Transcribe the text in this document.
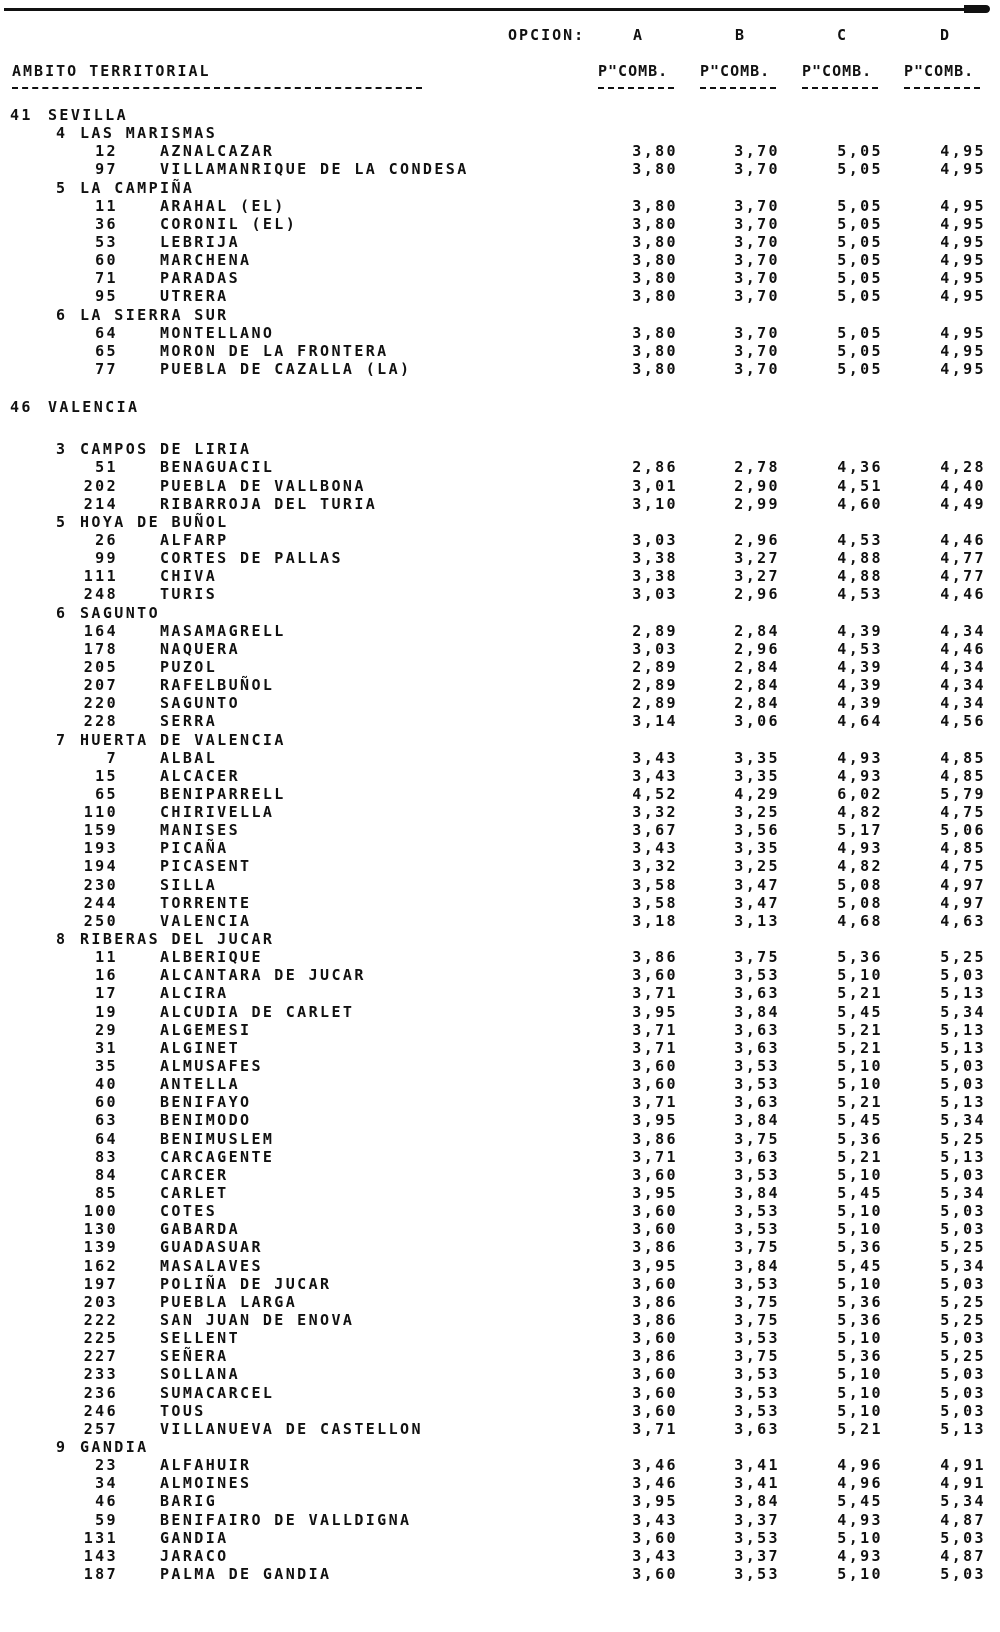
OPCION:	A	B	C	D
AMBITO TERRITORIAL	P"COMB. P"COMB. P"COMB. P"COMB.
41 SEVILLA
4 LAS MARISMAS
12	AZNALCAZAR	3,80	3,70	5,05	4,95
97	VILLAMANRIQUE DE LA CONDESA	3,80	3,70	5,05	4,95
5 LA CAMPIÑA
11	ARAHAL (EL)	3,80	3,70	5,05	4,95
36	CORONIL (EL)	3,80	3,70	5,05	4,95
53	LEBRIJA	3,80	3,70	5,05	4,95
60	MARCHENA	3,80	3,70	5,05	4,95
71	PARADAS	3,80	3,70	5,05	4,95
95	UTRERA	3,80	3,70	5,05	4,95
6 LA SIERRA SUR
64	MONTELLANO	3,80	3,70	5,05	4,95
65	MORON DE LA FRONTERA	3,80	3,70	5,05	4,95
77	PUEBLA DE CAZALLA (LA)	3,80	3,70	5,05	4,95
46 VALENCIA
3 CAMPOS DE LIRIA
51	BENAGUACIL	2,86	2,78	4,36	4,28
202	PUEBLA DE VALLBONA	3,01	2,90	4,51	4,40
214	RIBARROJA DEL TURIA	3,10	2,99	4,60	4,49
5 HOYA DE BUÑOL
26	ALFARP	3,03	2,96	4,53	4,46
99	CORTES DE PALLAS	3,38	3,27	4,88	4,77
111	CHIVA	3,38	3,27	4,88	4,77
248	TURIS	3,03	2,96	4,53	4,46
6 SAGUNTO
164	MASAMAGRELL	2,89	2,84	4,39	4,34
178	NAQUERA	3,03	2,96	4,53	4,46
205	PUZOL	2,89	2,84	4,39	4,34
207	RAFELBUÑOL	2,89	2,84	4,39	4,34
220	SAGUNTO	2,89	2,84	4,39	4,34
228	SERRA	3,14	3,06	4,64	4,56
7 HUERTA DE VALENCIA
7	ALBAL	3,43	3,35	4,93	4,85
15	ALCACER	3,43	3,35	4,93	4,85
65	BENIPARRELL	4,52	4,29	6,02	5,79
110	CHIRIVELLA	3,32	3,25	4,82	4,75
159	MANISES	3,67	3,56	5,17	5,06
193	PICAÑA	3,43	3,35	4,93	4,85
194	PICASENT	3,32	3,25	4,82	4,75
230	SILLA	3,58	3,47	5,08	4,97
244	TORRENTE	3,58	3,47	5,08	4,97
250	VALENCIA	3,18	3,13	4,68	4,63
8 RIBERAS DEL JUCAR
11	ALBERIQUE	3,86	3,75	5,36	5,25
16	ALCANTARA DE JUCAR	3,60	3,53	5,10	5,03
17	ALCIRA	3,71	3,63	5,21	5,13
19	ALCUDIA DE CARLET	3,95	3,84	5,45	5,34
29	ALGEMESI	3,71	3,63	5,21	5,13
31	ALGINET	3,71	3,63	5,21	5,13
35	ALMUSAFES	3,60	3,53	5,10	5,03
40	ANTELLA	3,60	3,53	5,10	5,03
60	BENIFAYO	3,71	3,63	5,21	5,13
63	BENIMODO	3,95	3,84	5,45	5,34
64	BENIMUSLEM	3,86	3,75	5,36	5,25
83	CARCAGENTE	3,71	3,63	5,21	5,13
84	CARCER	3,60	3,53	5,10	5,03
85	CARLET	3,95	3,84	5,45	5,34
100	COTES	3,60	3,53	5,10	5,03
130	GABARDA	3,60	3,53	5,10	5,03
139	GUADASUAR	3,86	3,75	5,36	5,25
162	MASALAVES	3,95	3,84	5,45	5,34
197	POLIÑA DE JUCAR	3,60	3,53	5,10	5,03
203	PUEBLA LARGA	3,86	3,75	5,36	5,25
222	SAN JUAN DE ENOVA	3,86	3,75	5,36	5,25
225	SELLENT	3,60	3,53	5,10	5,03
227	SEÑERA	3,86	3,75	5,36	5,25
233	SOLLANA	3,60	3,53	5,10	5,03
236	SUMACARCEL	3,60	3,53	5,10	5,03
246	TOUS	3,60	3,53	5,10	5,03
257	VILLANUEVA DE CASTELLON	3,71	3,63	5,21	5,13
9 GANDIA
23	ALFAHUIR	3,46	3,41	4,96	4,91
34	ALMOINES	3,46	3,41	4,96	4,91
46	BARIG	3,95	3,84	5,45	5,34
59	BENIFAIRO DE VALLDIGNA	3,43	3,37	4,93	4,87
131	GANDIA	3,60	3,53	5,10	5,03
143	JARACO	3,43	3,37	4,93	4,87
187	PALMA DE GANDIA	3,60	3,53	5,10	5,03
